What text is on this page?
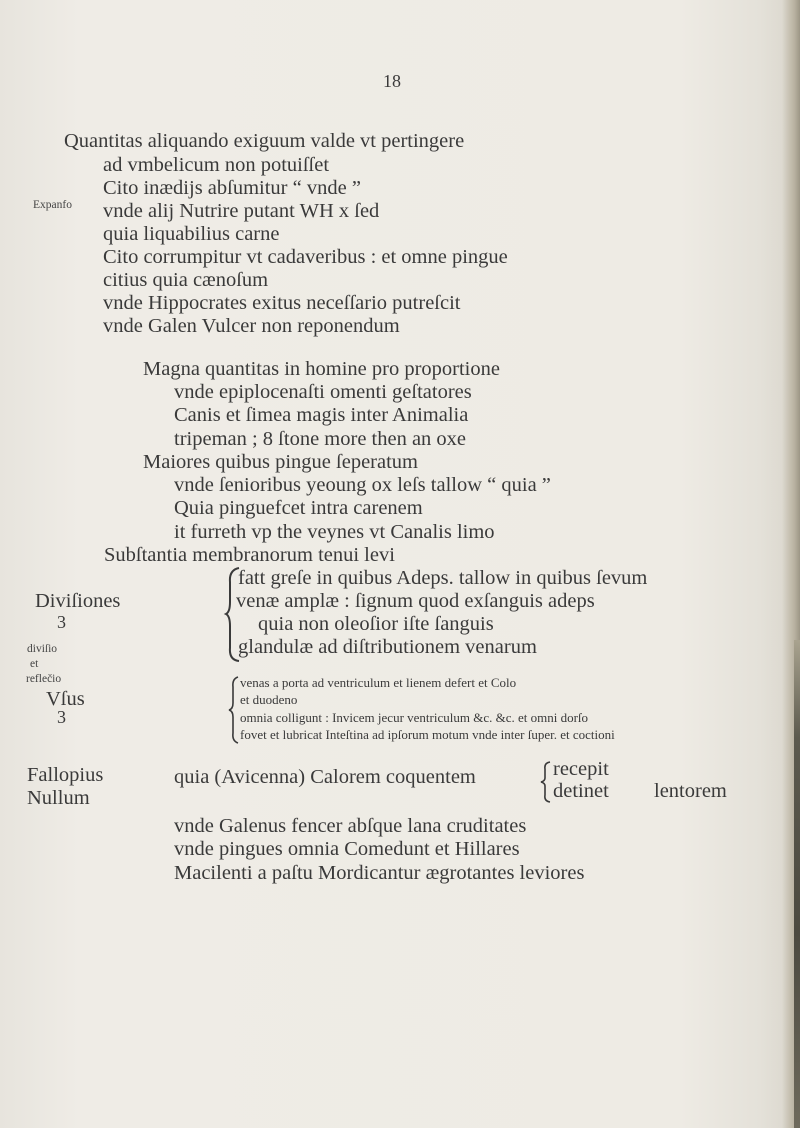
18
Expanfo
Quantitas aliquando exiguum valde vt pertingere
ad vmbelicum non potuiſſet
Cito inædijs abſumitur “ vnde ”
vnde alij Nutrire putant WH x ſed
quia liquabilius carne
Cito corrumpitur vt cadaveribus : et omne pingue
citius quia cænoſum
vnde Hippocrates exitus neceſſario putreſcit
vnde Galen Vulcer non reponendum
Magna quantitas in homine pro proportione
vnde epiplocenaſti omenti geſtatores
Canis et ſimea magis inter Animalia
tripeman ; 8 ſtone more then an oxe
Maiores quibus pingue ſeperatum
vnde ſenioribus yeoung ox leſs tallow “ quia ”
Quia pinguefcet intra carenem
it furreth vp the veynes vt Canalis limo
Subſtantia membranorum tenui levi
Diviſiones
3
diviſio
et
reflečio
fatt greſe in quibus Adeps. tallow in quibus ſevum
venæ amplæ : ſignum quod exſanguis adeps
quia non oleoſior iſte ſanguis
glandulæ ad diſtributionem venarum
Vſus
3
venas a porta ad ventriculum et lienem defert et Colo
et duodeno
omnia colligunt : Invicem jecur ventriculum &c. &c. et omni dorſo
fovet et lubricat Inteſtina ad ipſorum motum vnde inter ſuper. et coctioni
Fallopius
Nullum
quia (Avicenna) Calorem coquentem	recepit
detinet lentorem
vnde Galenus fencer abſque lana cruditates
vnde pingues omnia Comedunt et Hillares
Macilenti a paſtu Mordicantur ægrotantes leviores
